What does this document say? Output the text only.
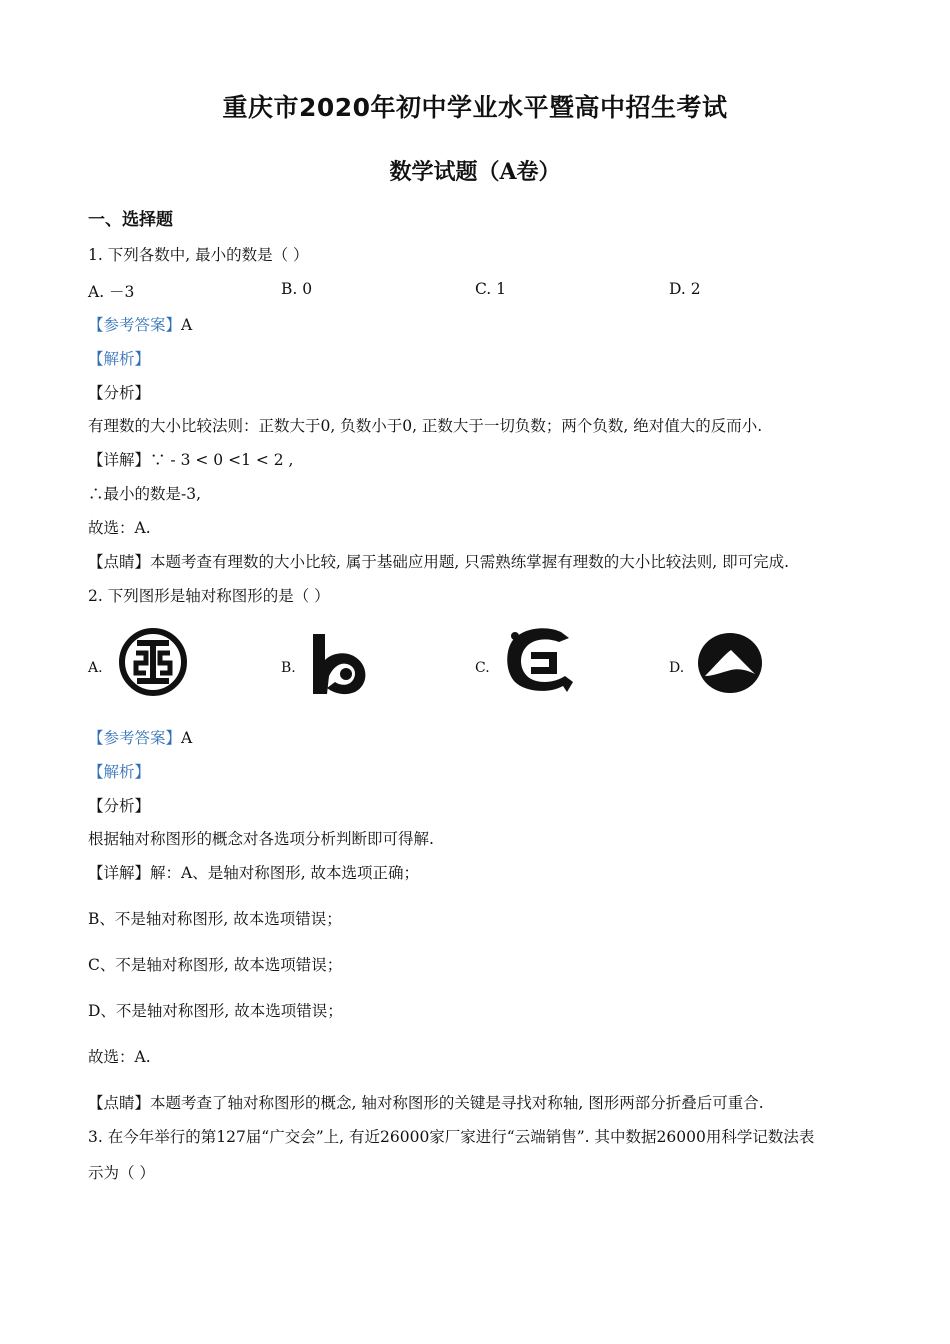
重庆市2020年初中学业水平暨高中招生考试
数学试题（A卷）
一、选择题
1. 下列各数中, 最小的数是（ ）
A. －3	B. 0	C. 1	D. 2
【参考答案】A
【解析】
【分析】
有理数的大小比较法则：正数大于0, 负数小于0, 正数大于一切负数；两个负数, 绝对值大的反而小.
【详解】∵ - 3 < 0 <1 < 2 ,
∴最小的数是-3,
故选：A.
【点睛】本题考查有理数的大小比较, 属于基础应用题, 只需熟练掌握有理数的大小比较法则, 即可完成.
2. 下列图形是轴对称图形的是（ ）
A.	B.	C.	D.
【参考答案】A
【解析】
【分析】
根据轴对称图形的概念对各选项分析判断即可得解.
【详解】解：A、是轴对称图形, 故本选项正确；
B、不是轴对称图形, 故本选项错误；
C、不是轴对称图形, 故本选项错误；
D、不是轴对称图形, 故本选项错误；
故选：A.
【点睛】本题考查了轴对称图形的概念, 轴对称图形的关键是寻找对称轴, 图形两部分折叠后可重合.
3. 在今年举行的第127届“广交会”上, 有近26000家厂家进行“云端销售”. 其中数据26000用科学记数法表
示为（ ）
